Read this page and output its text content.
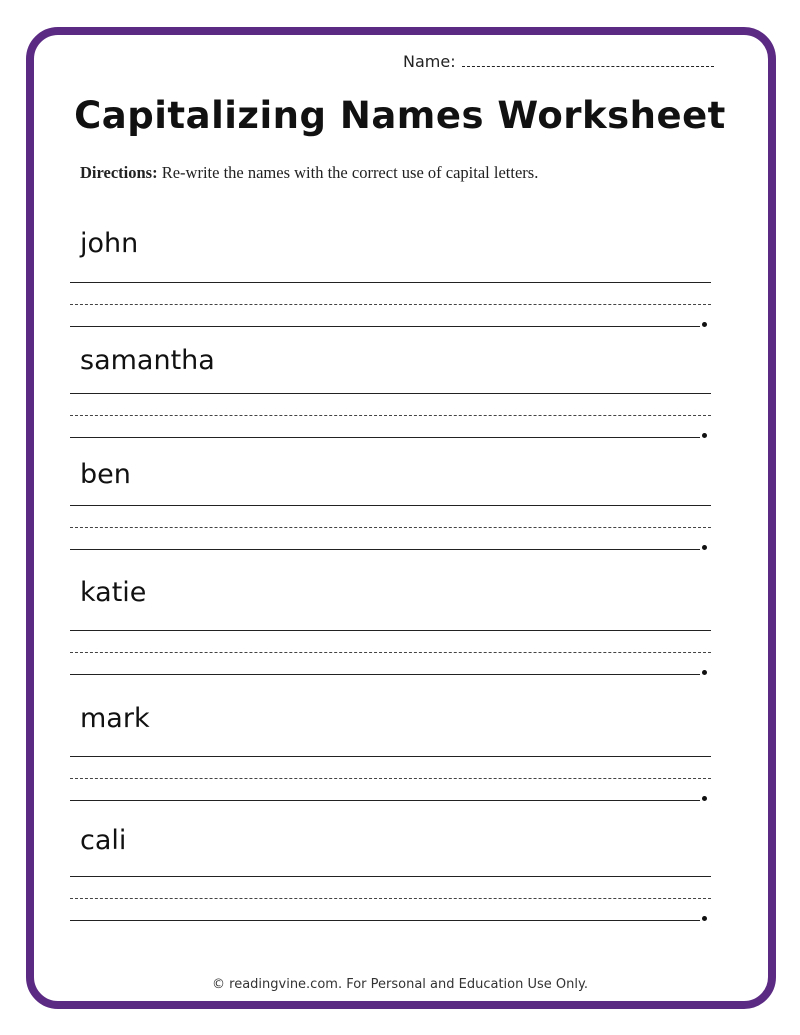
Name:
Capitalizing Names Worksheet
Directions: Re-write the names with the correct use of capital letters.
john
samantha
ben
katie
mark
cali
© readingvine.com. For Personal and Education Use Only.
